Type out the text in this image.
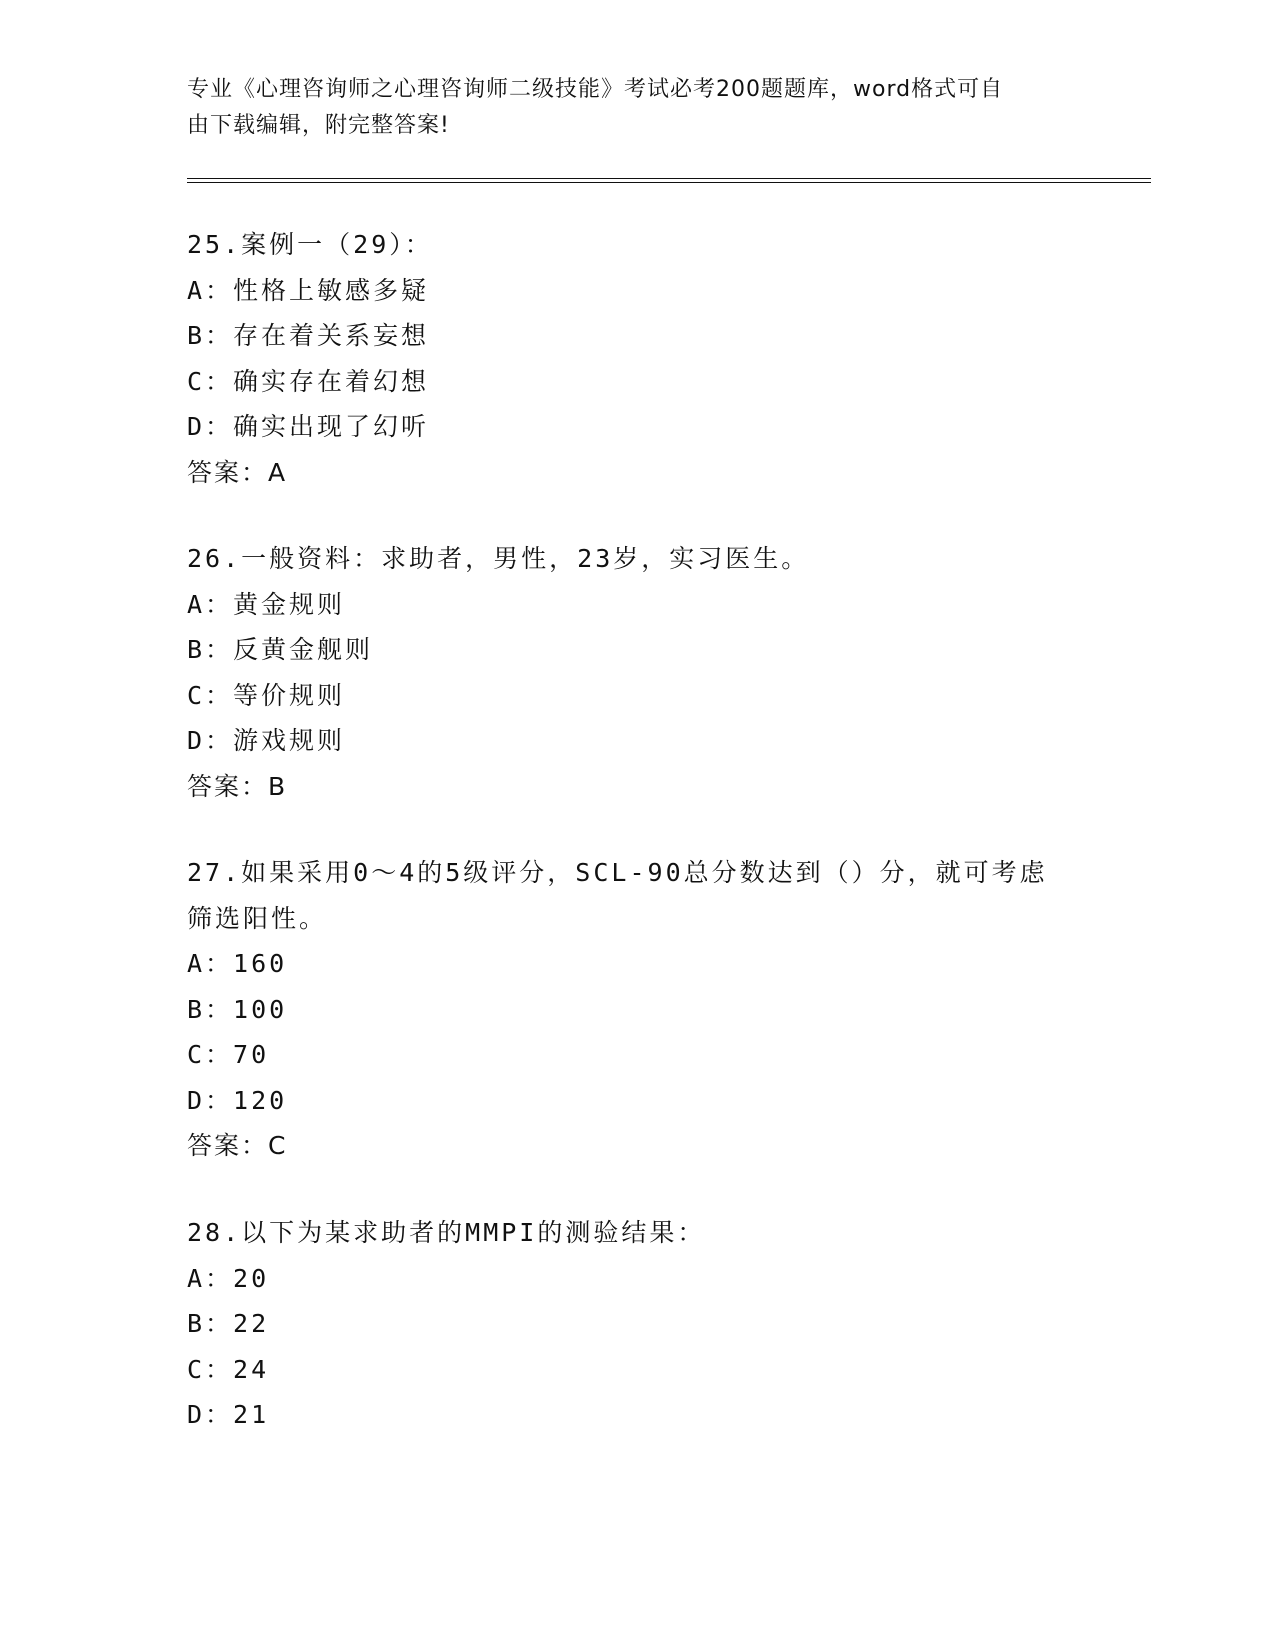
专业《心理咨询师之心理咨询师二级技能》考试必考200题题库，word格式可自
由下载编辑，附完整答案!
25.案例一（29）：
A：性格上敏感多疑
B：存在着关系妄想
C：确实存在着幻想
D：确实出现了幻听
答案：A
26.一般资料：求助者，男性，23岁，实习医生。
A：黄金规则
B：反黄金舰则
C：等价规则
D：游戏规则
答案：B
27.如果采用0～4的5级评分，SCL-90总分数达到（）分，就可考虑
筛选阳性。
A：160
B：100
C：70
D：120
答案：C
28.以下为某求助者的MMPI的测验结果：
A：20
B：22
C：24
D：21
